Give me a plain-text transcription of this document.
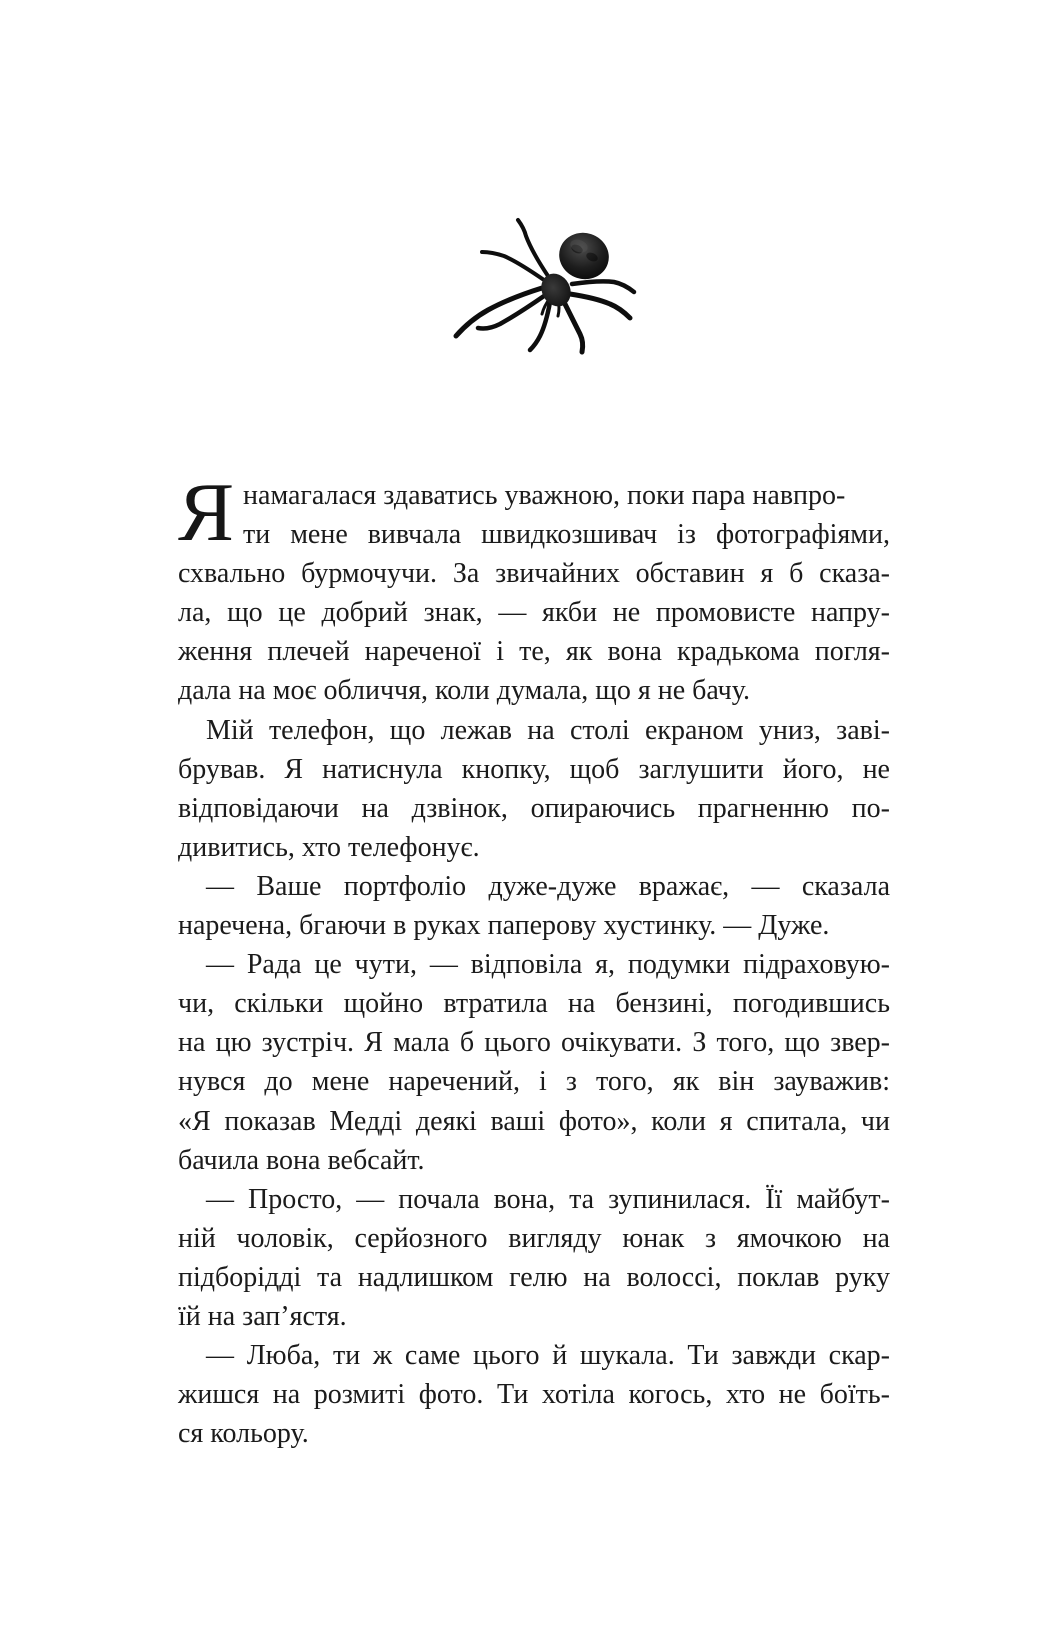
Я намагалася здаватись уважною, поки пара навпро-
ти мене вивчала швидкозшивач із фотографіями,
схвально бурмочучи. За звичайних обставин я б сказа-
ла, що це добрий знак, — якби не промовисте напру-
ження плечей нареченої і те, як вона крадькома погля-
дала на моє обличчя, коли думала, що я не бачу.

Мій телефон, що лежав на столі екраном униз, заві-
брував. Я натиснула кнопку, щоб заглушити його, не
відповідаючи на дзвінок, опираючись прагненню по-
дивитись, хто телефонує.

— Ваше портфоліо дуже-дуже вражає, — сказала
наречена, бгаючи в руках паперову хустинку. — Дуже.

— Рада це чути, — відповіла я, подумки підраховую-
чи, скільки щойно втратила на бензині, погодившись
на цю зустріч. Я мала б цього очікувати. З того, що звер-
нувся до мене наречений, і з того, як він зауважив:
«Я показав Медді деякі ваші фото», коли я спитала, чи
бачила вона вебсайт.

— Просто, — почала вона, та зупинилася. Її майбут-
ній чоловік, серйозного вигляду юнак з ямочкою на
підборідді та надлишком гелю на волоссі, поклав руку
їй на зап’ястя.

— Люба, ти ж саме цього й шукала. Ти завжди скар-
жишся на розмиті фото. Ти хотіла когось, хто не боїть-
ся кольору.
